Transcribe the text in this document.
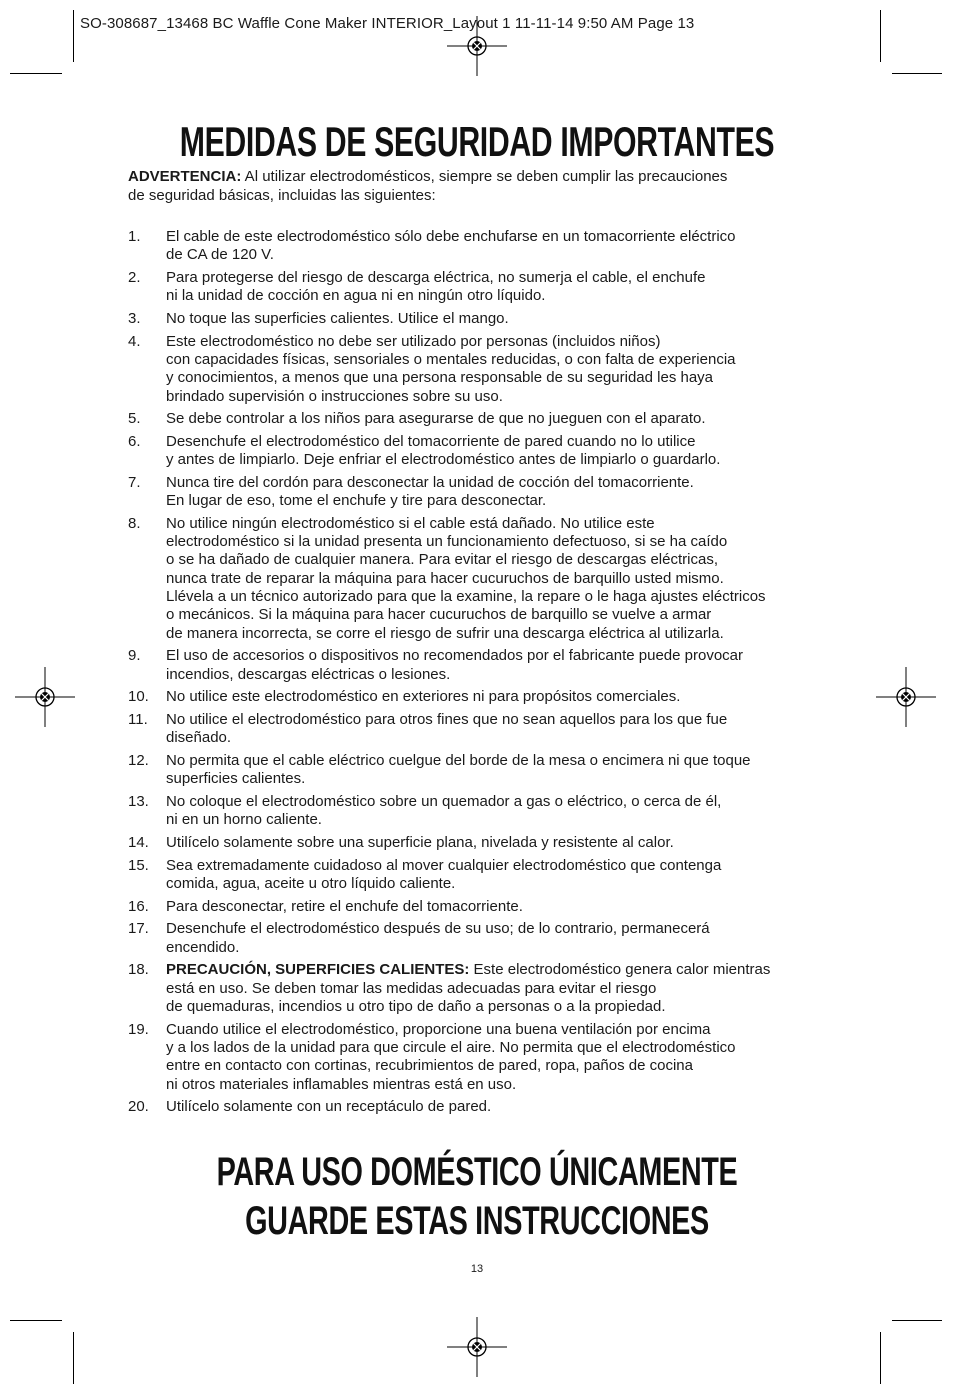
SO-308687_13468 BC Waffle Cone Maker INTERIOR_Layout 1 11-11-14 9:50 AM Page 13
MEDIDAS DE SEGURIDAD IMPORTANTES
ADVERTENCIA: Al utilizar electrodomésticos, siempre se deben cumplir las precauciones
de seguridad básicas, incluidas las siguientes:
1. El cable de este electrodoméstico sólo debe enchufarse en un tomacorriente eléctrico
de CA de 120 V.
2. Para protegerse del riesgo de descarga eléctrica, no sumerja el cable, el enchufe
ni la unidad de cocción en agua ni en ningún otro líquido.
3. No toque las superficies calientes. Utilice el mango.
4. Este electrodoméstico no debe ser utilizado por personas (incluidos niños)
con capacidades físicas, sensoriales o mentales reducidas, o con falta de experiencia
y conocimientos, a menos que una persona responsable de su seguridad les haya
brindado supervisión o instrucciones sobre su uso.
5. Se debe controlar a los niños para asegurarse de que no jueguen con el aparato.
6. Desenchufe el electrodoméstico del tomacorriente de pared cuando no lo utilice
y antes de limpiarlo. Deje enfriar el electrodoméstico antes de limpiarlo o guardarlo.
7. Nunca tire del cordón para desconectar la unidad de cocción del tomacorriente.
En lugar de eso, tome el enchufe y tire para desconectar.
8. No utilice ningún electrodoméstico si el cable está dañado. No utilice este
electrodoméstico si la unidad presenta un funcionamiento defectuoso, si se ha caído
o se ha dañado de cualquier manera. Para evitar el riesgo de descargas eléctricas,
nunca trate de reparar la máquina para hacer cucuruchos de barquillo usted mismo.
Llévela a un técnico autorizado para que la examine, la repare o le haga ajustes eléctricos
o mecánicos. Si la máquina para hacer cucuruchos de barquillo se vuelve a armar
de manera incorrecta, se corre el riesgo de sufrir una descarga eléctrica al utilizarla.
9. El uso de accesorios o dispositivos no recomendados por el fabricante puede provocar
incendios, descargas eléctricas o lesiones.
10. No utilice este electrodoméstico en exteriores ni para propósitos comerciales.
11. No utilice el electrodoméstico para otros fines que no sean aquellos para los que fue
diseñado.
12. No permita que el cable eléctrico cuelgue del borde de la mesa o encimera ni que toque
superficies calientes.
13. No coloque el electrodoméstico sobre un quemador a gas o eléctrico, o cerca de él,
ni en un horno caliente.
14. Utilícelo solamente sobre una superficie plana, nivelada y resistente al calor.
15. Sea extremadamente cuidadoso al mover cualquier electrodoméstico que contenga
comida, agua, aceite u otro líquido caliente.
16. Para desconectar, retire el enchufe del tomacorriente.
17. Desenchufe el electrodoméstico después de su uso; de lo contrario, permanecerá
encendido.
18. PRECAUCIÓN, SUPERFICIES CALIENTES: Este electrodoméstico genera calor mientras
está en uso. Se deben tomar las medidas adecuadas para evitar el riesgo
de quemaduras, incendios u otro tipo de daño a personas o a la propiedad.
19. Cuando utilice el electrodoméstico, proporcione una buena ventilación por encima
y a los lados de la unidad para que circule el aire. No permita que el electrodoméstico
entre en contacto con cortinas, recubrimientos de pared, ropa, paños de cocina
ni otros materiales inflamables mientras está en uso.
20. Utilícelo solamente con un receptáculo de pared.
PARA USO DOMÉSTICO ÚNICAMENTE
GUARDE ESTAS INSTRUCCIONES
13
